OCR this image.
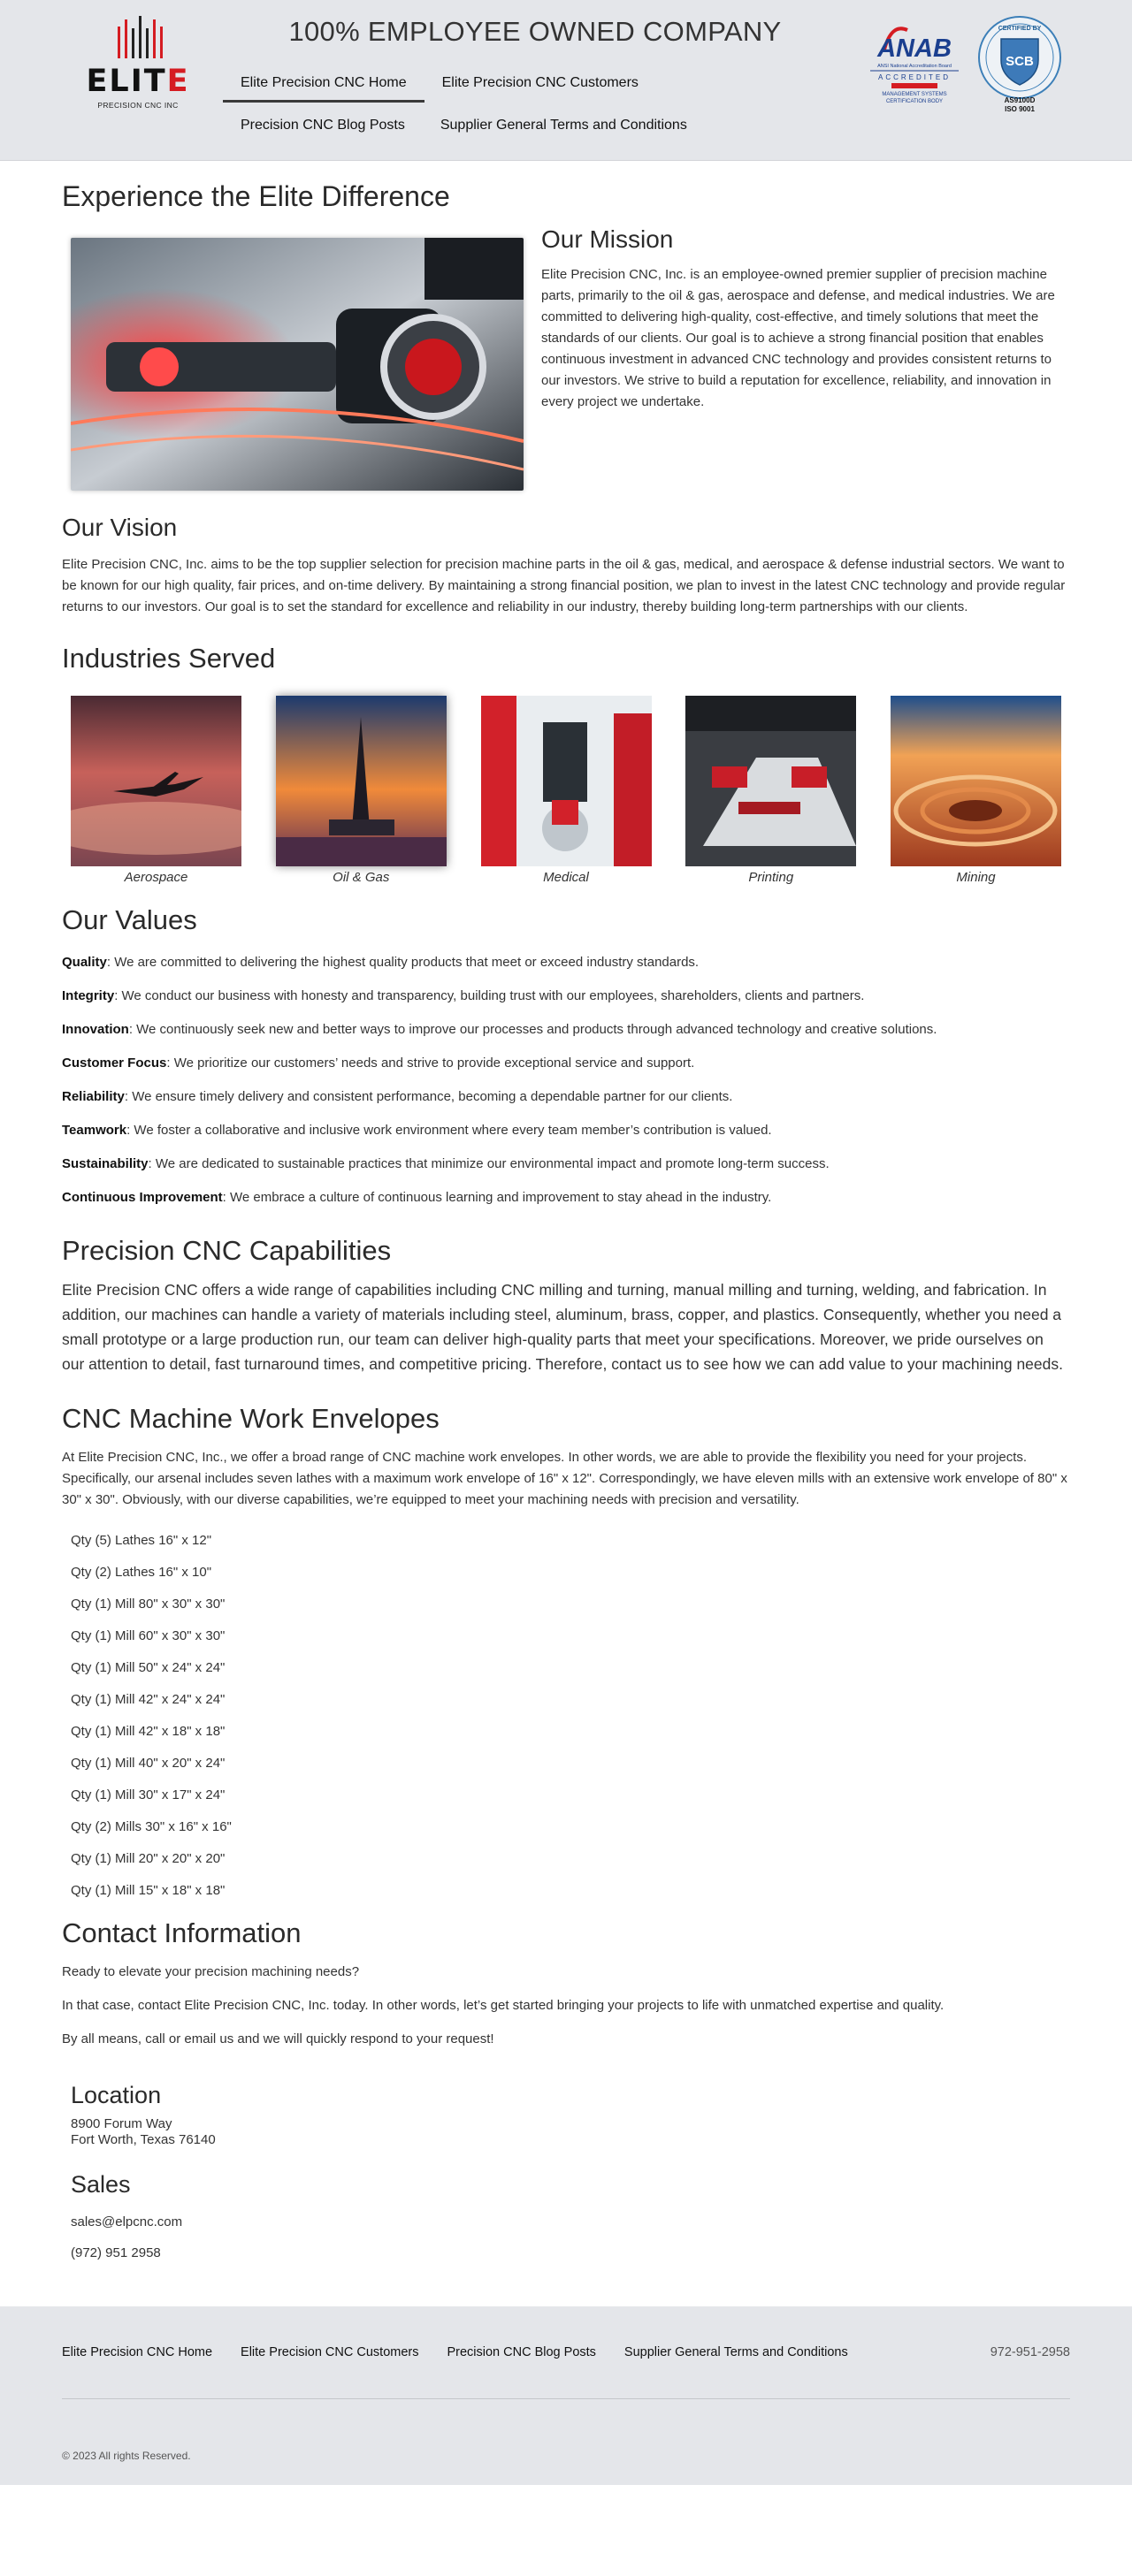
ELITE
PRECISION CNC INC
100% EMPLOYEE OWNED COMPANY
Elite Precision CNC Home	Elite Precision CNC Customers
Precision CNC Blog Posts	Supplier General Terms and Conditions
ANAB
ANSI National Accreditation Board
ACCREDITED
MANAGEMENT SYSTEMS
CERTIFICATION BODY
CERTIFIED BY
SCB
AS9100D
ISO 9001
Experience the Elite Difference
Our Mission

Elite Precision CNC, Inc. is an employee-owned premier supplier of precision machine parts, primarily to the oil & gas, aerospace and defense, and medical industries. We are committed to delivering high-quality, cost-effective, and timely solutions that meet the standards of our clients. Our goal is to achieve a strong financial position that enables continuous investment in advanced CNC technology and provides consistent returns to our investors. We strive to build a reputation for excellence, reliability, and innovation in every project we undertake.

Our Vision

Elite Precision CNC, Inc. aims to be the top supplier selection for precision machine parts in the oil & gas, medical, and aerospace & defense industrial sectors. We want to be known for our high quality, fair prices, and on-time delivery. By maintaining a strong financial position, we plan to invest in the latest CNC technology and provide regular returns to our investors. Our goal is to set the standard for excellence and reliability in our industry, thereby building long-term partnerships with our clients.

Industries Served
Aerospace	Oil & Gas	Medical	Printing	Mining
Our Values

Quality: We are committed to delivering the highest quality products that meet or exceed industry standards.

Integrity: We conduct our business with honesty and transparency, building trust with our employees, shareholders, clients and partners.

Innovation: We continuously seek new and better ways to improve our processes and products through advanced technology and creative solutions.

Customer Focus: We prioritize our customers’ needs and strive to provide exceptional service and support.

Reliability: We ensure timely delivery and consistent performance, becoming a dependable partner for our clients.

Teamwork: We foster a collaborative and inclusive work environment where every team member’s contribution is valued.

Sustainability: We are dedicated to sustainable practices that minimize our environmental impact and promote long-term success.

Continuous Improvement: We embrace a culture of continuous learning and improvement to stay ahead in the industry.

Precision CNC Capabilities

Elite Precision CNC offers a wide range of capabilities including CNC milling and turning, manual milling and turning, welding, and fabrication. In addition, our machines can handle a variety of materials including steel, aluminum, brass, copper, and plastics. Consequently, whether you need a small prototype or a large production run, our team can deliver high-quality parts that meet your specifications. Moreover, we pride ourselves on our attention to detail, fast turnaround times, and competitive pricing. Therefore, contact us to see how we can add value to your machining needs.

CNC Machine Work Envelopes

At Elite Precision CNC, Inc., we offer a broad range of CNC machine work envelopes. In other words, we are able to provide the flexibility you need for your projects. Specifically, our arsenal includes seven lathes with a maximum work envelope of 16" x 12". Correspondingly, we have eleven mills with an extensive work envelope of 80" x 30" x 30". Obviously, with our diverse capabilities, we’re equipped to meet your machining needs with precision and versatility.

Qty (5) Lathes 16" x 12"
Qty (2) Lathes 16" x 10"
Qty (1) Mill 80" x 30" x 30"
Qty (1) Mill 60" x 30" x 30"
Qty (1) Mill 50" x 24" x 24"
Qty (1) Mill 42" x 24" x 24"
Qty (1) Mill 42" x 18" x 18"
Qty (1) Mill 40" x 20" x 24"
Qty (1) Mill 30" x 17" x 24"
Qty (2) Mills 30" x 16" x 16"
Qty (1) Mill 20" x 20" x 20"
Qty (1) Mill 15" x 18" x 18"
Contact Information

Ready to elevate your precision machining needs?

In that case, contact Elite Precision CNC, Inc. today. In other words, let’s get started bringing your projects to life with unmatched expertise and quality.

By all means, call or email us and we will quickly respond to your request!

Location
8900 Forum Way
Fort Worth, Texas 76140
Sales
sales@elpcnc.com
(972) 951 2958
Elite Precision CNC Home Elite Precision CNC Customers Precision CNC Blog Posts Supplier General Terms and Conditions	972-951-2958
© 2023 All rights Reserved.
